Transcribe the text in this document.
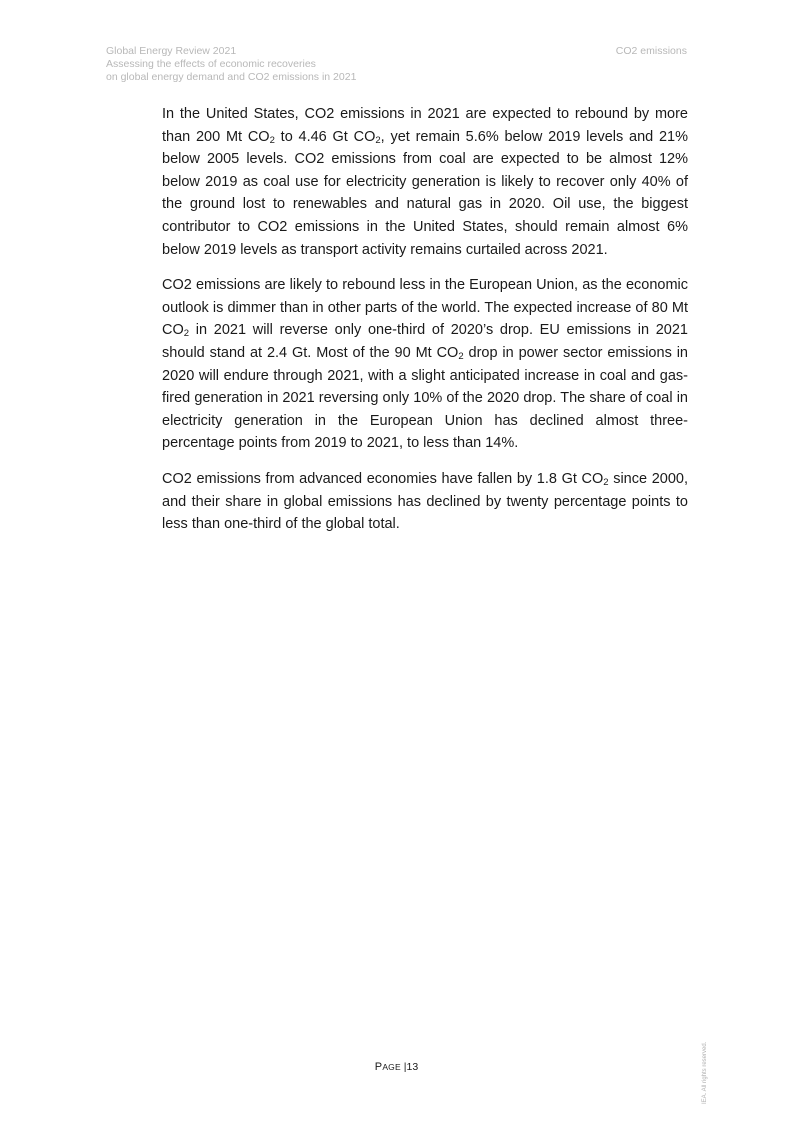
Global Energy Review 2021
Assessing the effects of economic recoveries
on global energy demand and CO2 emissions in 2021
CO2 emissions

In the United States, CO2 emissions in 2021 are expected to rebound by more than 200 Mt $CO_2$ to 4.46 Gt $CO_2$, yet remain 5.6% below 2019 levels and 21% below 2005 levels. CO2 emissions from coal are expected to be almost 12% below 2019 as coal use for electricity generation is likely to recover only 40% of the ground lost to renewables and natural gas in 2020. Oil use, the biggest contributor to CO2 emissions in the United States, should remain almost 6% below 2019 levels as transport activity remains curtailed across 2021.

CO2 emissions are likely to rebound less in the European Union, as the economic outlook is dimmer than in other parts of the world. The expected increase of 80 Mt $CO_2$ in 2021 will reverse only one-third of 2020’s drop. EU emissions in 2021 should stand at 2.4 Gt. Most of the 90 Mt $CO_2$ drop in power sector emissions in 2020 will endure through 2021, with a slight anticipated increase in coal and gas-fired generation in 2021 reversing only 10% of the 2020 drop. The share of coal in electricity generation in the European Union has declined almost three-percentage points from 2019 to 2021, to less than 14%.

CO2 emissions from advanced economies have fallen by 1.8 Gt $CO_2$ since 2000, and their share in global emissions has declined by twenty percentage points to less than one-third of the global total.

PAGE |13	IEA. All rights reserved.
